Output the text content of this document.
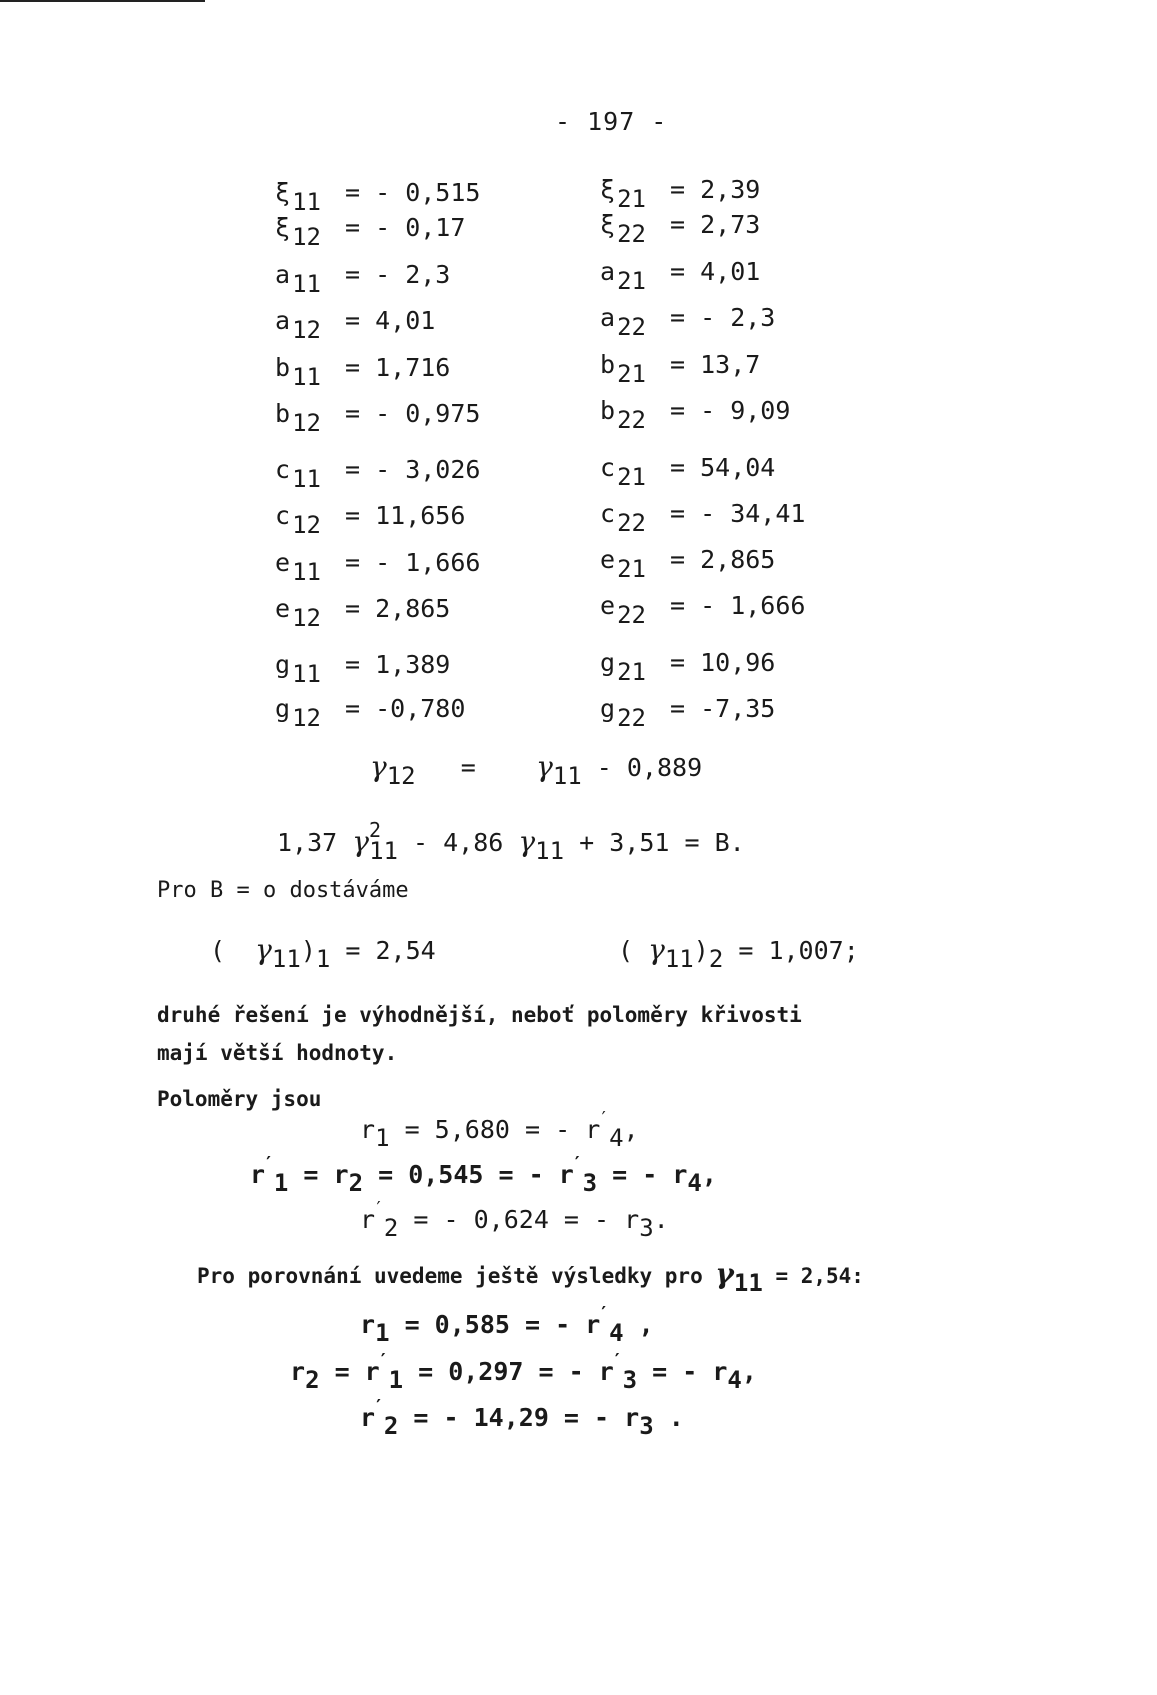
- 197 -
$\xi_{11}$ = - 0,515
$\xi_{12}$ = - 0,17
$a_{11}$ = - 2,3
$a_{12} = 4,01$
$b_{11} = 1,716$
$b_{12}$ = - 0,975
$c_{11}$ = - 3,026
$c_{12} = 11,656$
$e_{11}$ = - 1,666
$e_{12} = 2,865$
$g_{11} = 1,389$
$g_{12} = -0,780$
$\xi_{21} = 2,39$
$\xi_{22} = 2,73$
$a_{21} = 4,01$
$a_{22}$ = - 2,3
$b_{21} = 13,7$
$b_{22}$ = - 9,09
$c_{21} = 54,04$
$c_{22}$ = - 34,41
$e_{21} = 2,865$
$e_{22}$ = - 1,666
$g_{21} = 10,96$
$g_{22} = -7,35$
$\gamma_{12} = \gamma_{11} - 0,889$
1,37 $\gamma^2_{11} - 4,86$ $\gamma_{11} + 3,51 = B$.
Pro B = o dostáváme
( $\gamma_{11})_1 = 2,54$	( $\gamma_{11})_2 = 1,007$;
druhé řešení je výhodnější, neboť poloměry křivosti
mají větší hodnoty.
Poloměry jsou
$r_1 = 5,680$ = - $r'_4$,
$r'_1 = r_2 = 0,545$ = - $r'_3$ = - $r_4$,
$r'_2$ = - 0,624 = - $r_3$.
Pro porovnání uvedeme ještě výsledky pro $\gamma_{11} = 2,54$:
$r_1 = 0,585$ = - $r'_4$ ,
$r_2 = r'_1 = 0,297$ = - $r'_3$ = - $r_4$,
$r'_2$ = - 14,29 = - $r_3$ .
